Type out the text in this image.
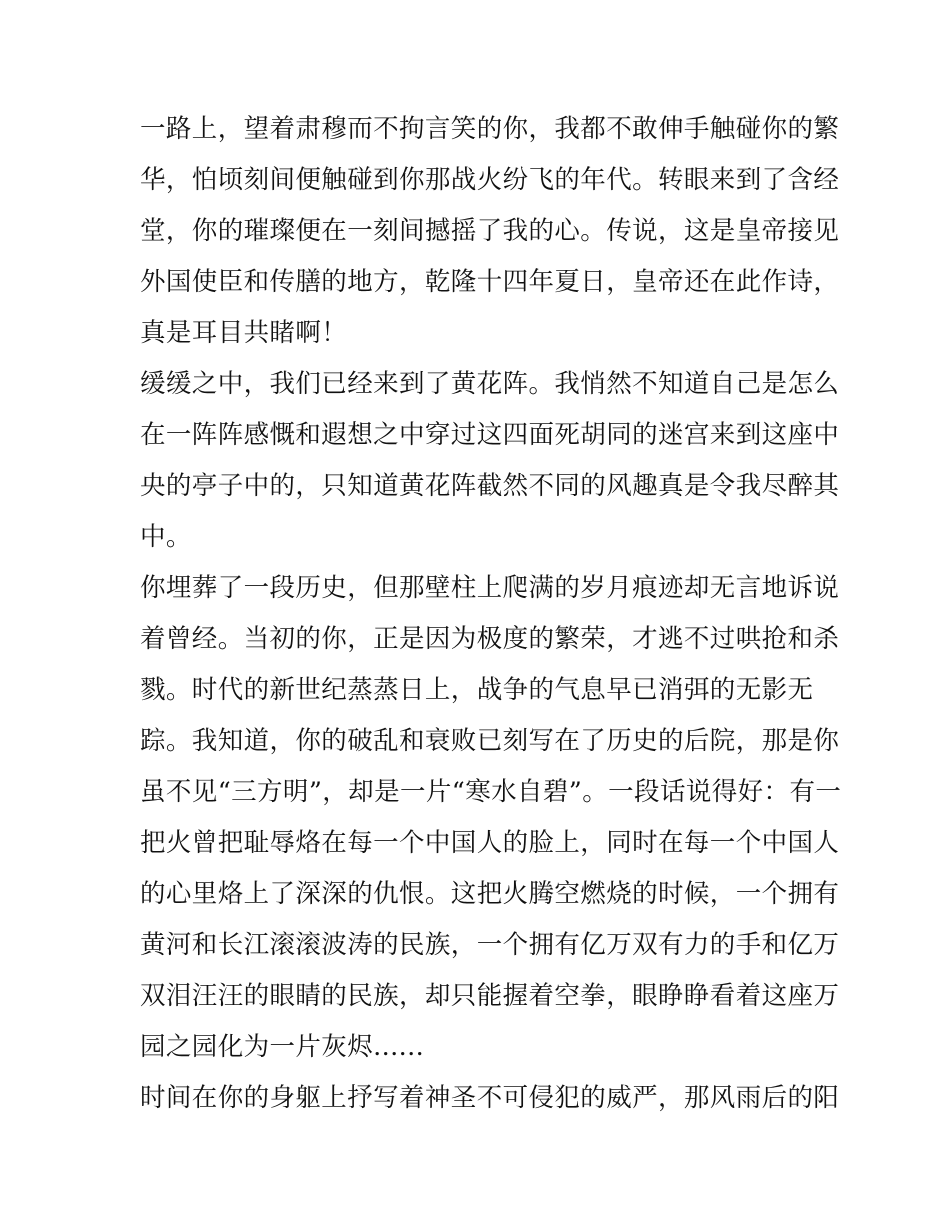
一路上，望着肃穆而不拘言笑的你，我都不敢伸手触碰你的繁
华，怕顷刻间便触碰到你那战火纷飞的年代。转眼来到了含经
堂，你的璀璨便在一刻间撼摇了我的心。传说，这是皇帝接见
外国使臣和传膳的地方，乾隆十四年夏日，皇帝还在此作诗，
真是耳目共睹啊！
缓缓之中，我们已经来到了黄花阵。我悄然不知道自己是怎么
在一阵阵感慨和遐想之中穿过这四面死胡同的迷宫来到这座中
央的亭子中的，只知道黄花阵截然不同的风趣真是令我尽醉其
中。
你埋葬了一段历史，但那壁柱上爬满的岁月痕迹却无言地诉说
着曾经。当初的你，正是因为极度的繁荣，才逃不过哄抢和杀
戮。时代的新世纪蒸蒸日上，战争的气息早已消弭的无影无
踪。我知道，你的破乱和衰败已刻写在了历史的后院，那是你
虽不见“三方明”，却是一片“寒水自碧”。一段话说得好：有一
把火曾把耻辱烙在每一个中国人的脸上，同时在每一个中国人
的心里烙上了深深的仇恨。这把火腾空燃烧的时候，一个拥有
黄河和长江滚滚波涛的民族，一个拥有亿万双有力的手和亿万
双泪汪汪的眼睛的民族，却只能握着空拳，眼睁睁看着这座万
园之园化为一片灰烬......
时间在你的身躯上抒写着神圣不可侵犯的威严，那风雨后的阳
